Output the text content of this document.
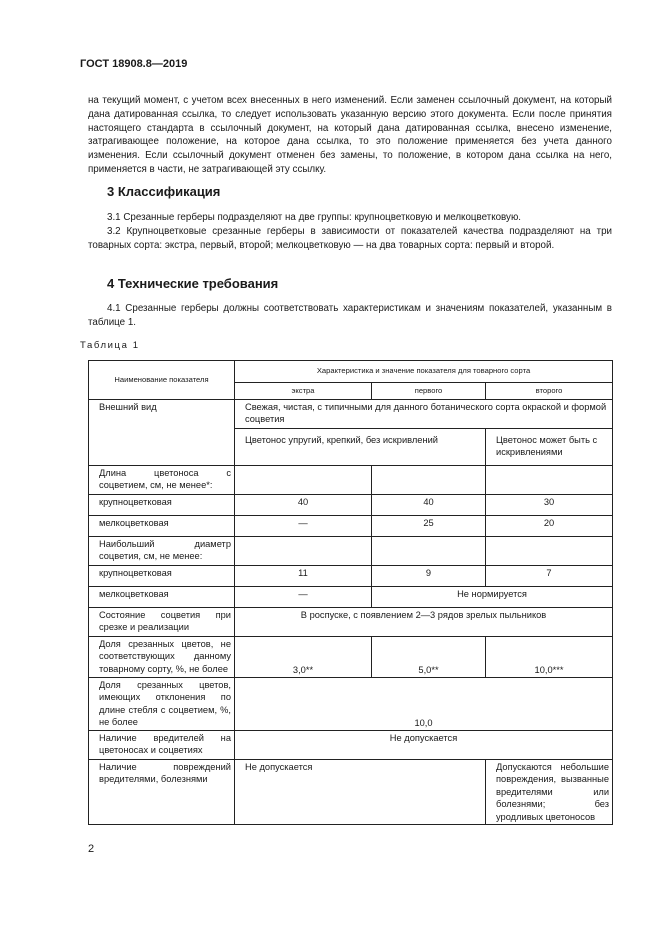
ГОСТ 18908.8—2019

на текущий момент, с учетом всех внесенных в него изменений. Если заменен ссылочный документ, на который дана датированная ссылка, то следует использовать указанную версию этого документа. Если после принятия настоящего стандарта в ссылочный документ, на который дана датированная ссылка, внесено изменение, затрагивающее положение, на которое дана ссылка, то это положение применяется без учета данного изменения. Если ссылочный документ отменен без замены, то положение, в котором дана ссылка на него, применяется в части, не затрагивающей эту ссылку.

3 Классификация

3.1 Срезанные герберы подразделяют на две группы: крупноцветковую и мелкоцветковую.

3.2 Крупноцветковые срезанные герберы в зависимости от показателей качества подразделяют на три товарных сорта: экстра, первый, второй; мелкоцветковую — на два товарных сорта: первый и второй.

4 Технические требования

4.1 Срезанные герберы должны соответствовать характеристикам и значениям показателей, указанным в таблице 1.

Таблица 1
Наименование показателя	Характеристика и значение показателя для товарного сорта		
	экстра	первого	второго
Внешний вид	Свежая, чистая, с типичными для данного ботанического сорта окраской и формой соцветия		
	Цветонос упругий, крепкий, без искривлений		Цветонос может быть с искривлениями
Длина цветоноса с соцветием, см, не менее*:			
крупноцветковая	40	40	30
мелкоцветковая	—	25	20
Наибольший диаметр соцветия, см, не менее:			
крупноцветковая	11	9	7
мелкоцветковая	—	Не нормируется	
Состояние соцветия при срезке и реализации	В роспуске, с появлением 2—3 рядов зрелых пыльников		
Доля срезанных цветов, не соответствующих данному товарному сорту, %, не более	3,0**	5,0**	10,0***
Доля срезанных цветов, имеющих отклонения по длине стебля с соцветием, %, не более	10,0		
Наличие вредителей на цветоносах и соцветиях	Не допускается		
Наличие повреждений вредителями, болезнями	Не допускается		Допускаются небольшие повреждения, вызванные вредителями или болезнями; без уродливых цветоносов
2
